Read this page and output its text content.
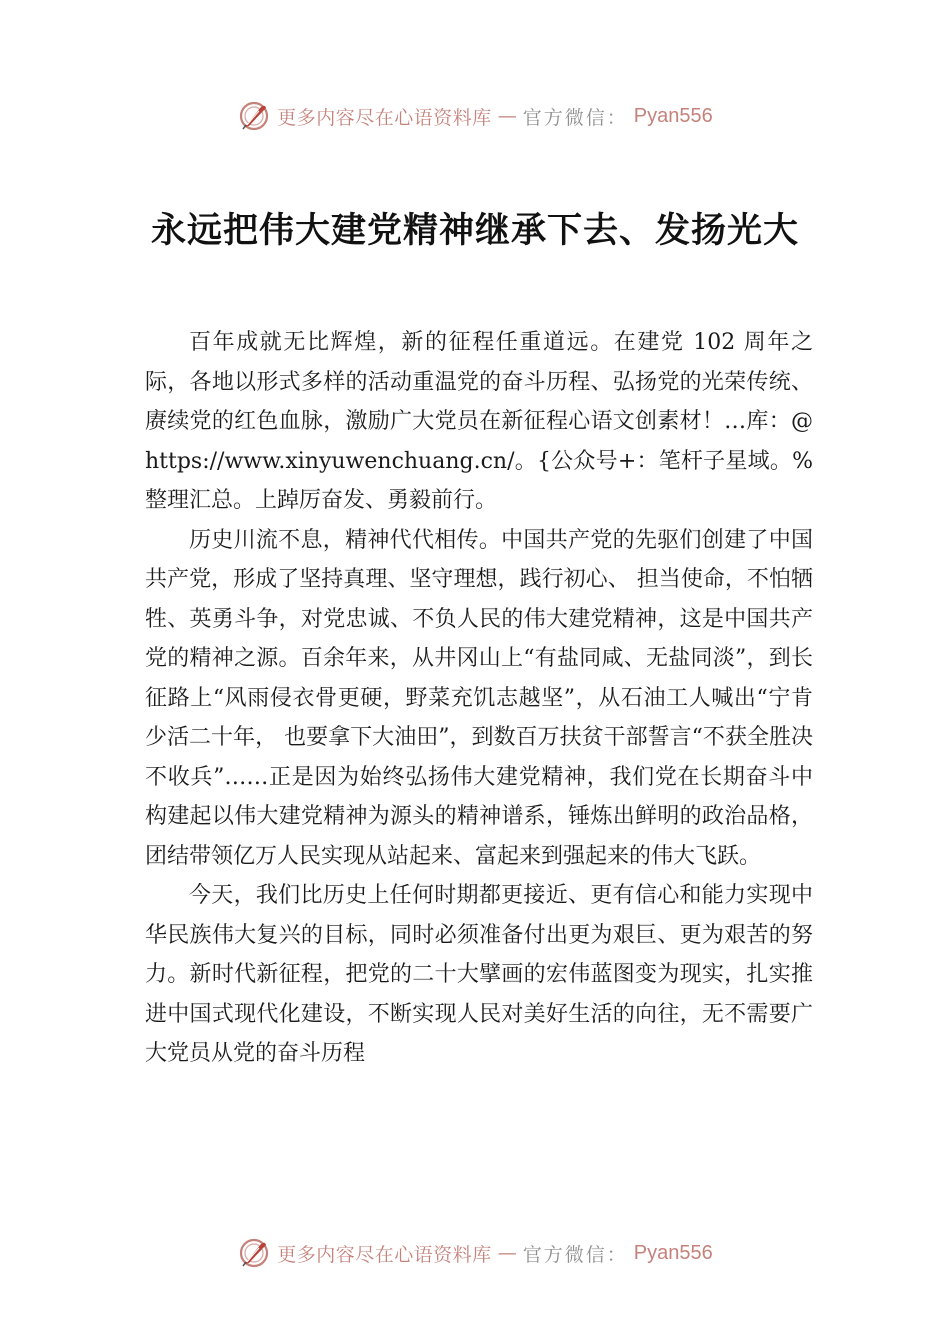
更多内容尽在心语资料库 — 官方微信： Pyan556
永远把伟大建党精神继承下去、发扬光大

百年成就无比辉煌，新的征程任重道远。在建党 102 周年之际，各地以形式多样的活动重温党的奋斗历程、弘扬党的光荣传统、赓续党的红色血脉，激励广大党员在新征程心语文创素材！…库：@https://www.xinyuwenchuang.cn/。{公众号+：笔杆子星域。%整理汇总。上踔厉奋发、勇毅前行。

历史川流不息，精神代代相传。中国共产党的先驱们创建了中国共产党，形成了坚持真理、坚守理想，践行初心、 担当使命，不怕牺牲、英勇斗争，对党忠诚、不负人民的伟大建党精神，这是中国共产党的精神之源。百余年来，从井冈山上“有盐同咸、无盐同淡”，到长征路上“风雨侵衣骨更硬，野菜充饥志越坚”，从石油工人喊出“宁肯少活二十年， 也要拿下大油田”，到数百万扶贫干部誓言“不获全胜决不收兵”……正是因为始终弘扬伟大建党精神，我们党在长期奋斗中构建起以伟大建党精神为源头的精神谱系，锤炼出鲜明的政治品格，团结带领亿万人民实现从站起来、富起来到强起来的伟大飞跃。

今天，我们比历史上任何时期都更接近、更有信心和能力实现中华民族伟大复兴的目标，同时必须准备付出更为艰巨、更为艰苦的努力。新时代新征程，把党的二十大擘画的宏伟蓝图变为现实，扎实推进中国式现代化建设，不断实现人民对美好生活的向往，无不需要广大党员从党的奋斗历程

更多内容尽在心语资料库 — 官方微信： Pyan556
